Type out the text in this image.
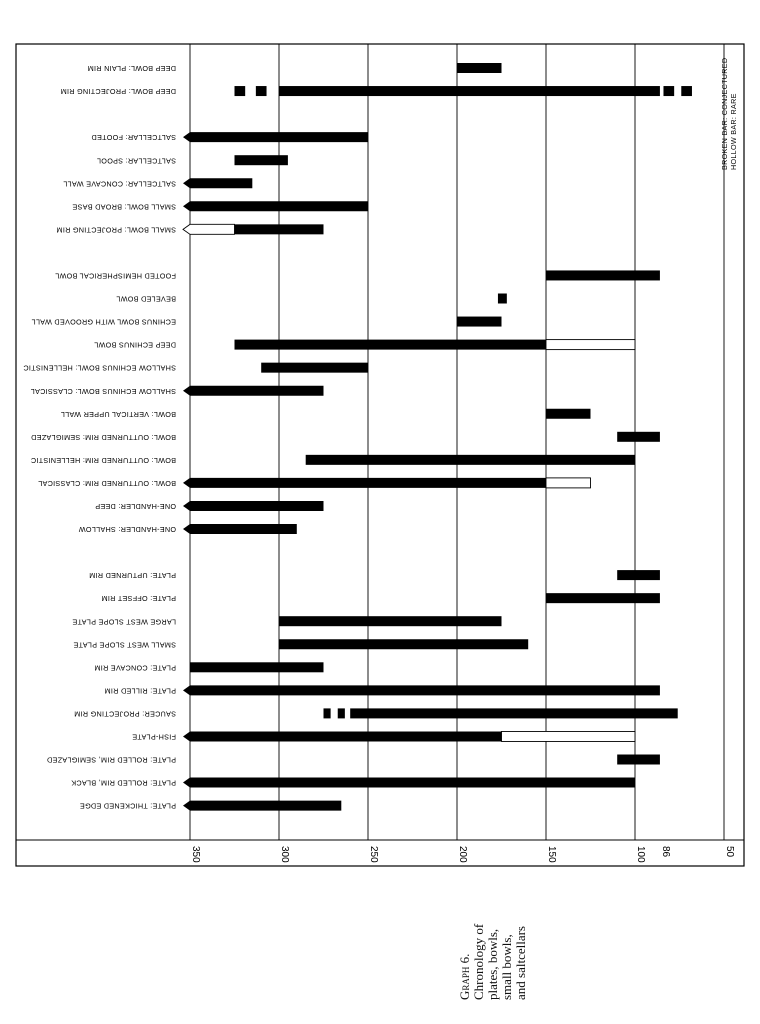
DEEP BOWL: PLAIN RIM
DEEP BOWL: PROJECTING RIM
SALTCELLAR: FOOTED
SALTCELLAR: SPOOL
SALTCELLAR: CONCAVE WALL
SMALL BOWL: BROAD BASE
SMALL BOWL: PROJECTING RIM
FOOTED HEMISPHERICAL BOWL
BEVELED BOWL
ECHINUS BOWL WITH GROOVED WALL
DEEP ECHINUS BOWL
SHALLOW ECHINUS BOWL: HELLENISTIC
SHALLOW ECHINUS BOWL: CLASSICAL
BOWL: VERTICAL UPPER WALL
BOWL: OUTTURNED RIM: SEMIGLAZED
BOWL: OUTTURNED RIM: HELLENISTIC
BOWL: OUTTURNED RIM: CLASSICAL
ONE-HANDLER: DEEP
ONE-HANDLER: SHALLOW
PLATE: UPTURNED RIM
PLATE: OFFSET RIM
LARGE WEST SLOPE PLATE
SMALL WEST SLOPE PLATE
PLATE: CONCAVE RIM
PLATE: RILLED RIM
SAUCER: PROJECTING RIM
FISH-PLATE
PLATE: ROLLED RIM, SEMIGLAZED
PLATE: ROLLED RIM, BLACK
PLATE: THICKENED EDGE
350	300	250	200	150	100 86	50
HOLLOW BAR: RARE
BROKEN BAR: CONJECTURED
Graph 6. Chronology of plates, bowls, small bowls, and saltcellars
